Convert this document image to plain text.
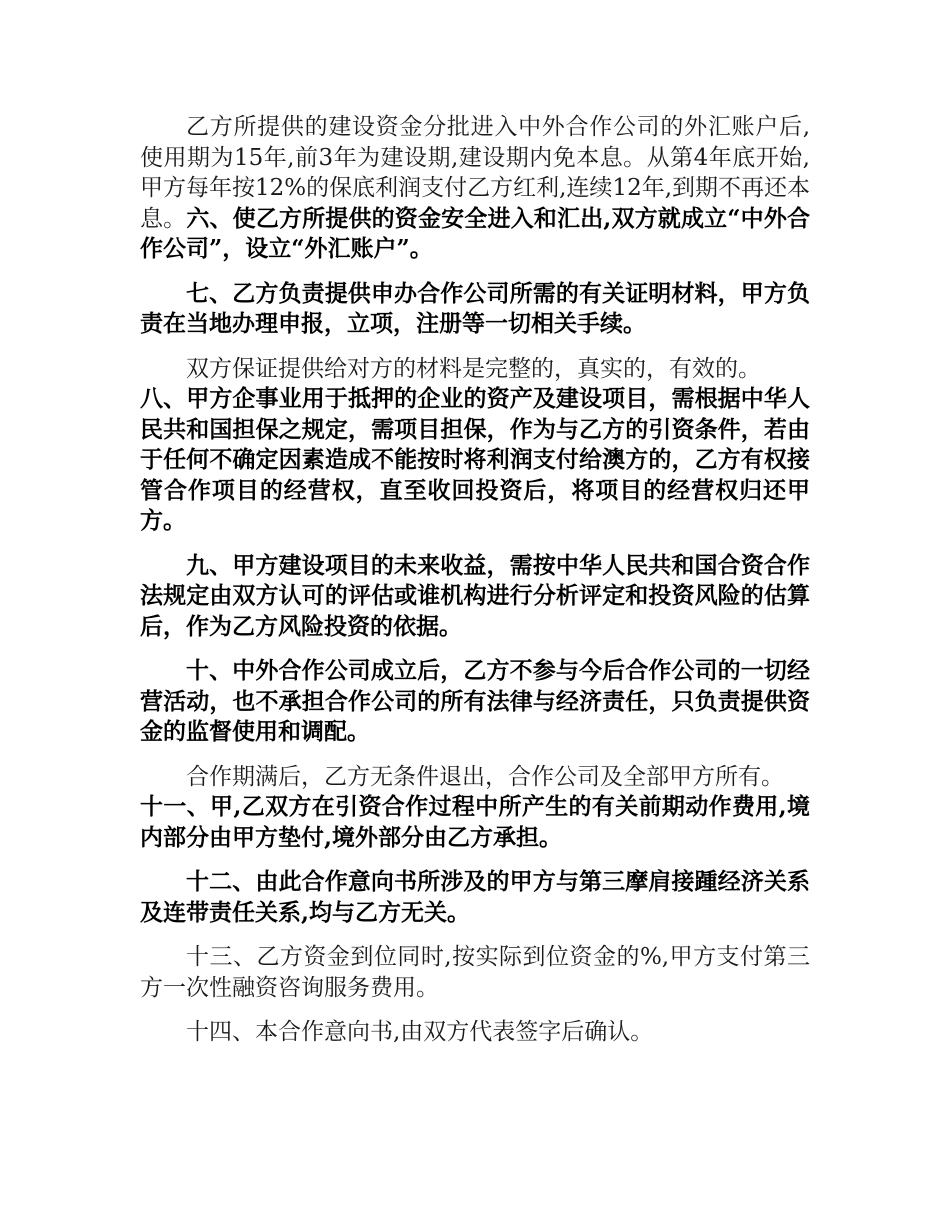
乙方所提供的建设资金分批进入中外合作公司的外汇账户后,使用期为15年,前3年为建设期,建设期内免本息。从第4年底开始,甲方每年按12%的保底利润支付乙方红利,连续12年,到期不再还本息。六、使乙方所提供的资金安全进入和汇出,双方就成立“中外合作公司”，设立“外汇账户”。
七、乙方负责提供申办合作公司所需的有关证明材料，甲方负责在当地办理申报，立项，注册等一切相关手续。
双方保证提供给对方的材料是完整的，真实的，有效的。
八、甲方企事业用于抵押的企业的资产及建设项目，需根据中华人民共和国担保之规定，需项目担保，作为与乙方的引资条件，若由于任何不确定因素造成不能按时将利润支付给澳方的，乙方有权接管合作项目的经营权，直至收回投资后，将项目的经营权归还甲方。
九、甲方建设项目的未来收益，需按中华人民共和国合资合作法规定由双方认可的评估或谁机构进行分析评定和投资风险的估算后，作为乙方风险投资的依据。
十、中外合作公司成立后，乙方不参与今后合作公司的一切经营活动，也不承担合作公司的所有法律与经济责任，只负责提供资金的监督使用和调配。
合作期满后，乙方无条件退出，合作公司及全部甲方所有。
十一、甲,乙双方在引资合作过程中所产生的有关前期动作费用,境内部分由甲方垫付,境外部分由乙方承担。
十二、由此合作意向书所涉及的甲方与第三摩肩接踵经济关系及连带责任关系,均与乙方无关。
十三、乙方资金到位同时,按实际到位资金的%,甲方支付第三方一次性融资咨询服务费用。
十四、本合作意向书,由双方代表签字后确认。
